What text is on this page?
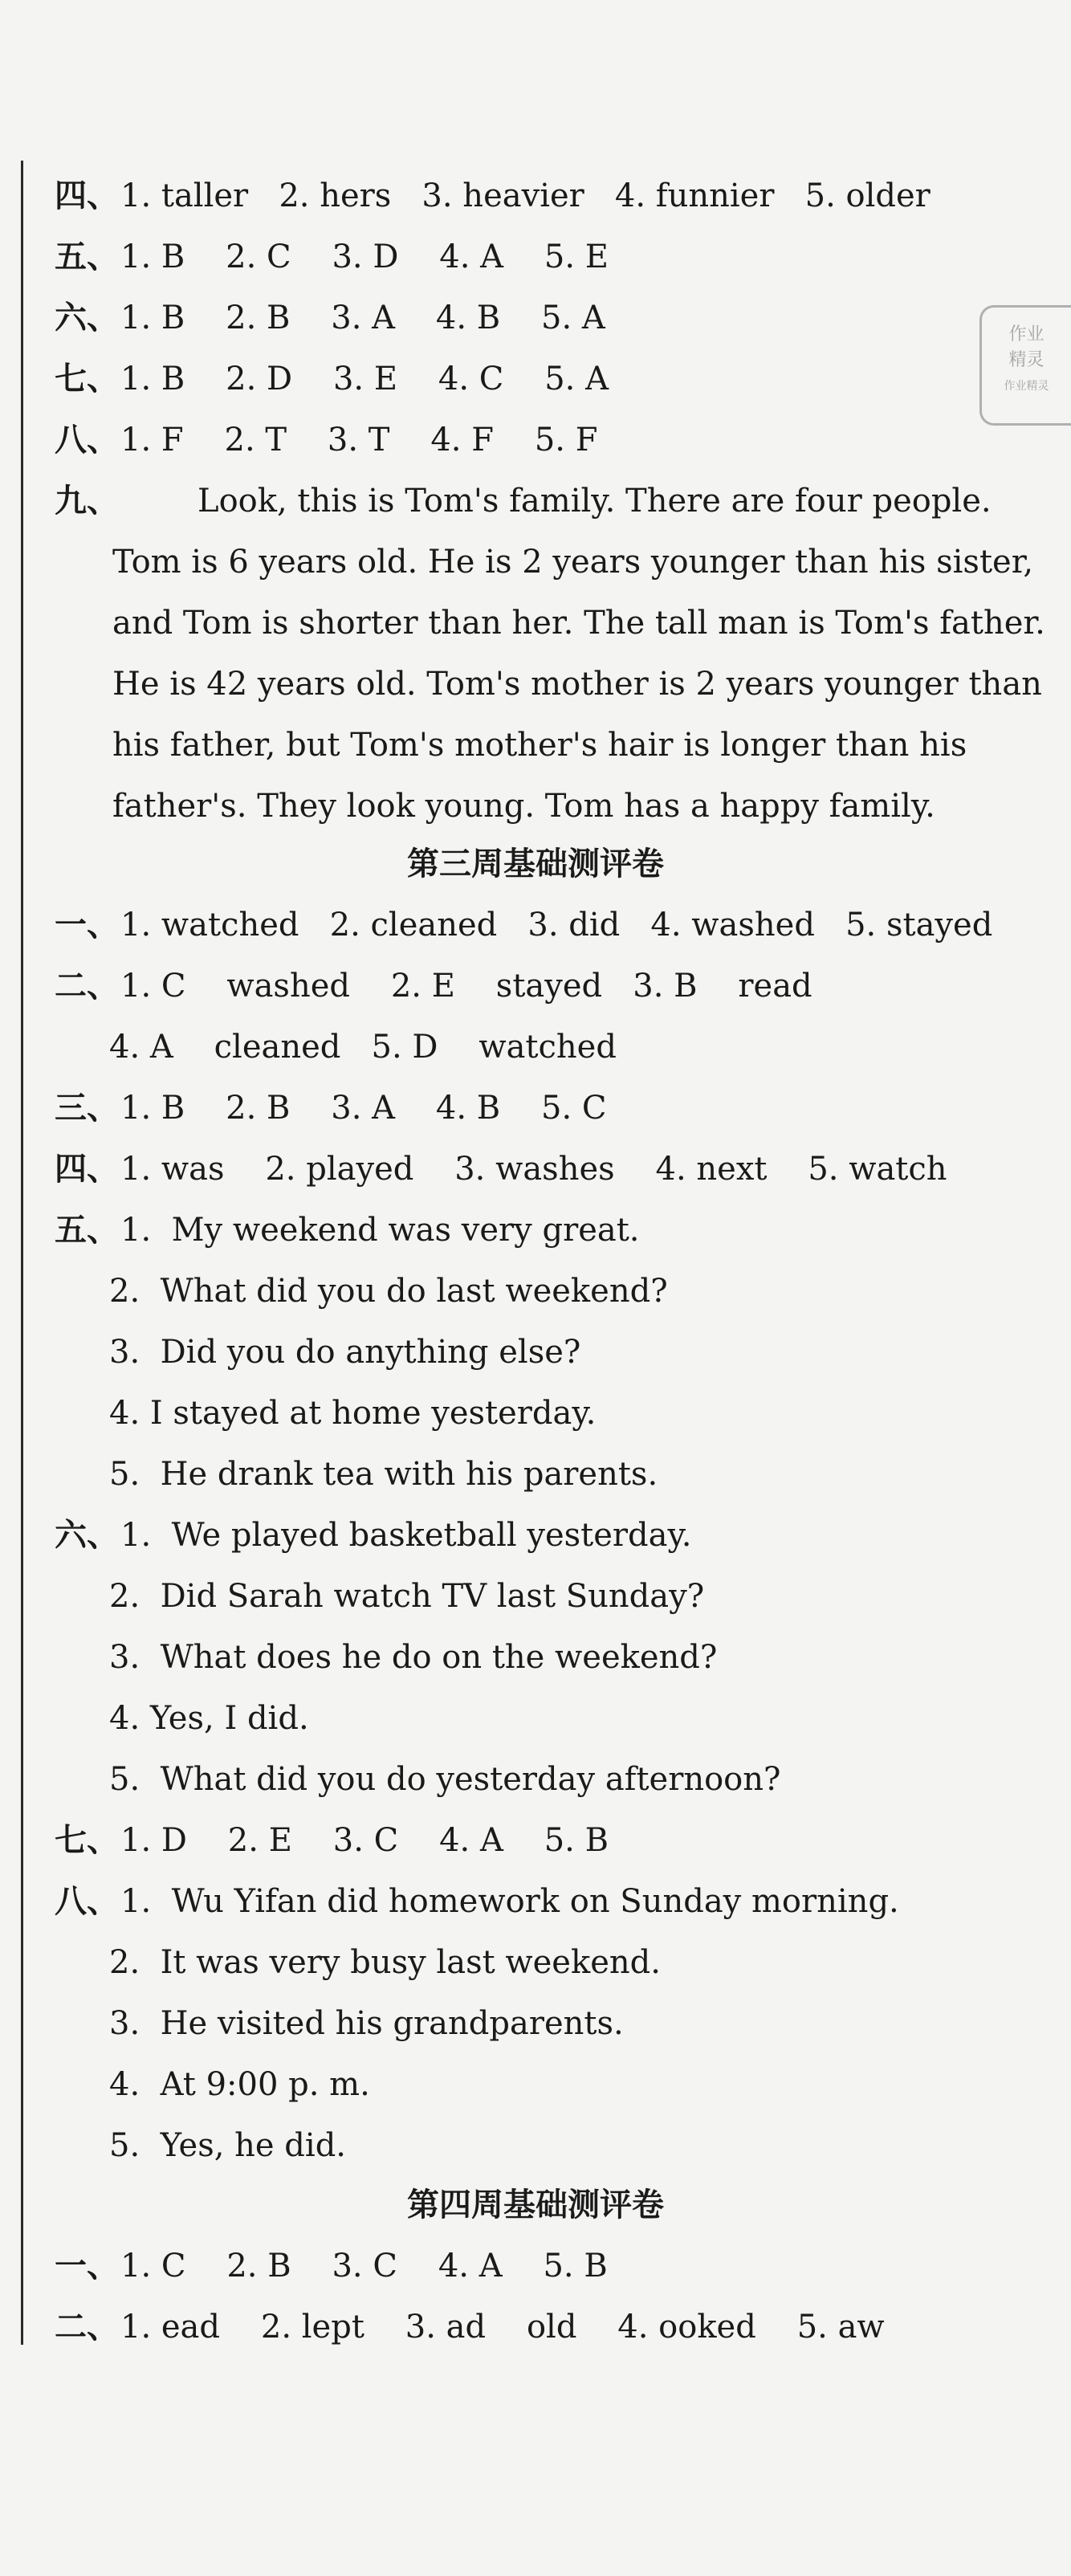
作业
精灵
作业精灵
四、1. taller   2. hers   3. heavier   4. funnier   5. older
五、1. B    2. C    3. D    4. A    5. E
六、1. B    2. B    3. A    4. B    5. A
七、1. B    2. D    3. E    4. C    5. A
八、1. F    2. T    3. T    4. F    5. F
九、 Look, this is Tom's family. There are four people.
Tom is 6 years old. He is 2 years younger than his sister,
and Tom is shorter than her. The tall man is Tom's father.
He is 42 years old. Tom's mother is 2 years younger than
his father, but Tom's mother's hair is longer than his
father's. They look young. Tom has a happy family.
第三周基础测评卷
一、1. watched   2. cleaned   3. did   4. washed   5. stayed
二、1. C    washed    2. E    stayed   3. B    read
4. A    cleaned   5. D    watched
三、1. B    2. B    3. A    4. B    5. C
四、1. was    2. played    3. washes    4. next    5. watch
五、1.  My weekend was very great.
2.  What did you do last weekend?
3.  Did you do anything else?
4. I stayed at home yesterday.
5.  He drank tea with his parents.
六、1.  We played basketball yesterday.
2.  Did Sarah watch TV last Sunday?
3.  What does he do on the weekend?
4. Yes, I did.
5.  What did you do yesterday afternoon?
七、1. D    2. E    3. C    4. A    5. B
八、1.  Wu Yifan did homework on Sunday morning.
2.  It was very busy last weekend.
3.  He visited his grandparents.
4.  At 9:00 p. m.
5.  Yes, he did.
第四周基础测评卷
一、1. C    2. B    3. C    4. A    5. B
二、1. ead    2. lept    3. ad    old    4. ooked    5. aw
